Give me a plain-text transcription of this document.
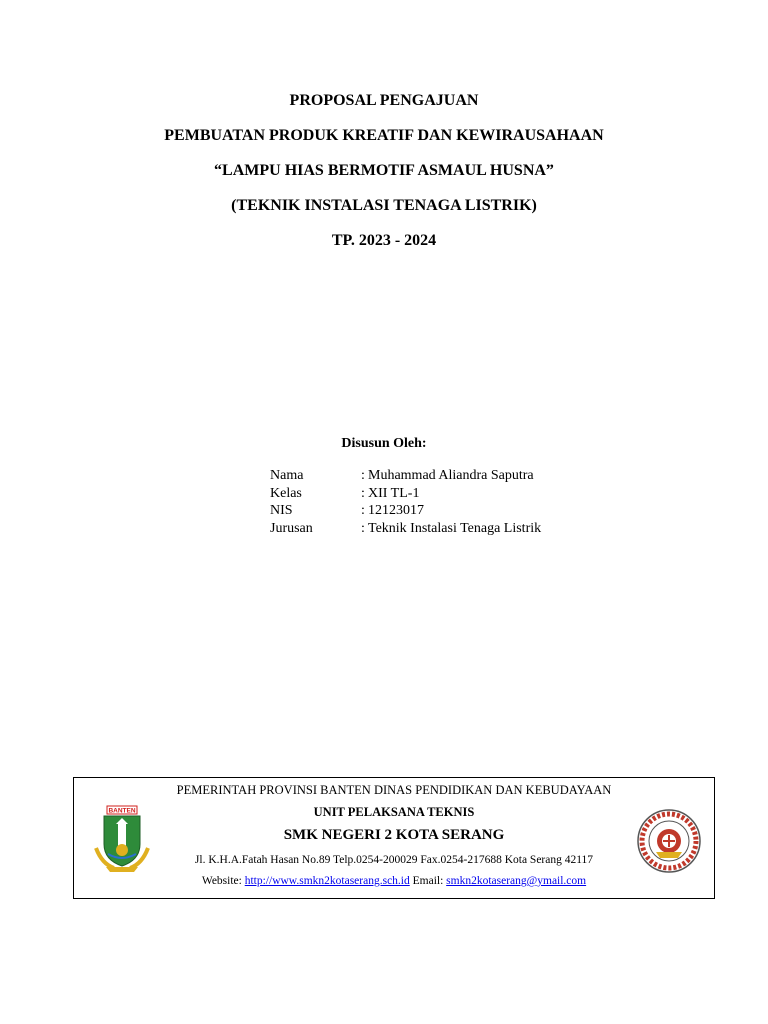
PROPOSAL PENGAJUAN
PEMBUATAN PRODUK KREATIF DAN KEWIRAUSAHAAN
“LAMPU HIAS BERMOTIF ASMAUL HUSNA”
(TEKNIK INSTALASI TENAGA LISTRIK)
TP. 2023 - 2024
Disusun Oleh:
Nama	: Muhammad Aliandra Saputra
Kelas	: XII TL-1
NIS	: 12123017
Jurusan	: Teknik Instalasi Tenaga Listrik
BANTEN
PEMERINTAH PROVINSI BANTEN DINAS PENDIDIKAN DAN KEBUDAYAAN
UNIT PELAKSANA TEKNIS
SMK NEGERI 2 KOTA SERANG
Jl. K.H.A.Fatah Hasan No.89 Telp.0254-200029 Fax.0254-217688 Kota Serang 42117
Website: http://www.smkn2kotaserang.sch.id Email: smkn2kotaserang@ymail.com
